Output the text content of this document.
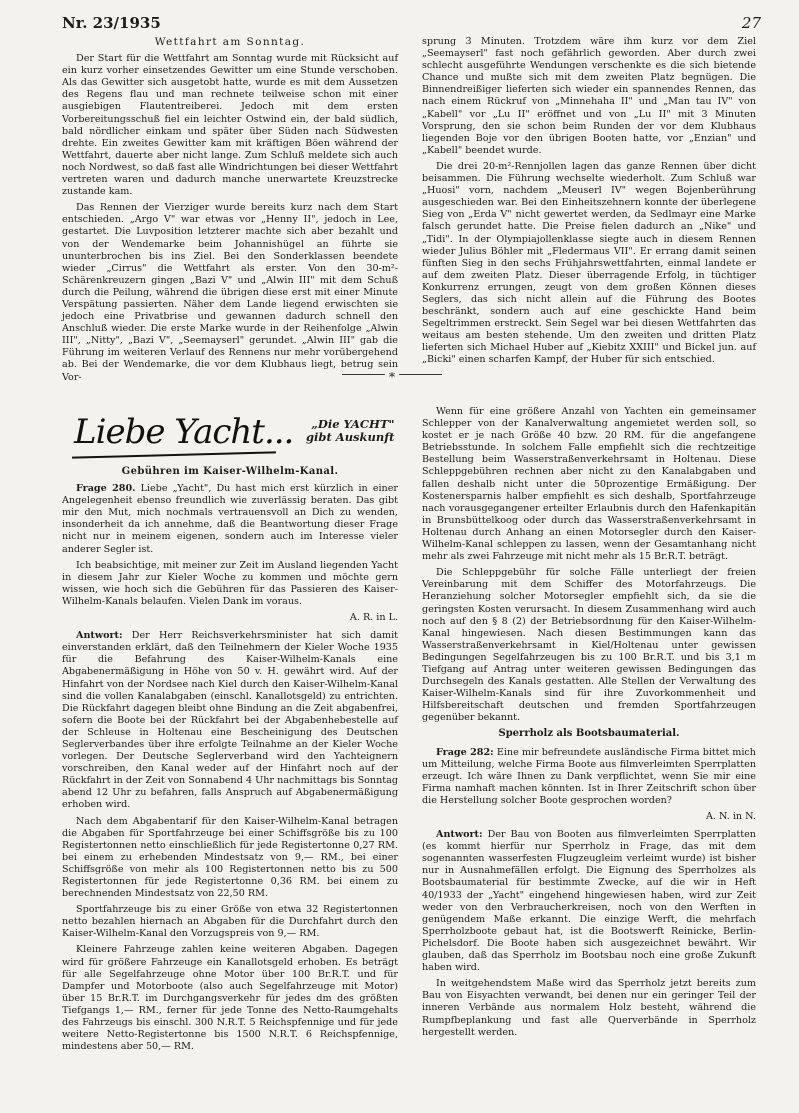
Nr. 23/1935	27
Wettfahrt am Sonntag.

Der Start für die Wettfahrt am Sonntag wurde mit Rücksicht auf ein kurz vorher einsetzendes Gewitter um eine Stunde verschoben. Als das Gewitter sich ausgetobt hatte, wurde es mit dem Aussetzen des Regens flau und man rechnete teilweise schon mit einer ausgiebigen Flautentreiberei. Jedoch mit dem ersten Vorbereitungsschuß fiel ein leichter Ostwind ein, der bald südlich, bald nördlicher einkam und später über Süden nach Südwesten drehte. Ein zweites Gewitter kam mit kräftigen Böen während der Wettfahrt, dauerte aber nicht lange. Zum Schluß meldete sich auch noch Nordwest, so daß fast alle Windrichtungen bei dieser Wettfahrt vertreten waren und dadurch manche unerwartete Kreuzstrecke zustande kam.

Das Rennen der Vierziger wurde bereits kurz nach dem Start entschieden. „Argo V" war etwas vor „Henny II", jedoch in Lee, gestartet. Die Luvposition letzterer machte sich aber bezahlt und von der Wendemarke beim Johannishügel an führte sie ununterbrochen bis ins Ziel. Bei den Sonderklassen beendete wieder „Cirrus" die Wettfahrt als erster. Von den 30-m²-Schärenkreuzern gingen „Bazi V" und „Alwin III" mit dem Schuß durch die Peilung, während die übrigen diese erst mit einer Minute Verspätung passierten. Näher dem Lande liegend erwischten sie jedoch eine Privatbrise und gewannen dadurch schnell den Anschluß wieder. Die erste Marke wurde in der Reihenfolge „Alwin III", „Nitty", „Bazi V", „Seemayserl" gerundet. „Alwin III" gab die Führung im weiteren Verlauf des Rennens nur mehr vorübergehend ab. Bei der Wendemarke, die vor dem Klubhaus liegt, betrug sein Vor-

sprung 3 Minuten. Trotzdem wäre ihm kurz vor dem Ziel „Seemayserl" fast noch gefährlich geworden. Aber durch zwei schlecht ausgeführte Wendungen verschenkte es die sich bietende Chance und mußte sich mit dem zweiten Platz begnügen. Die Binnendreißiger lieferten sich wieder ein spannendes Rennen, das nach einem Rückruf von „Minnehaha II" und „Man tau IV" von „Kabell" vor „Lu II" eröffnet und von „Lu II" mit 3 Minuten Vorsprung, den sie schon beim Runden der vor dem Klubhaus liegenden Boje vor den übrigen Booten hatte, vor „Enzian" und „Kabell" beendet wurde.

Die drei 20-m²-Rennjollen lagen das ganze Rennen über dicht beisammen. Die Führung wechselte wiederholt. Zum Schluß war „Huosi" vorn, nachdem „Meuserl IV" wegen Bojenberührung ausgeschieden war. Bei den Einheitszehnern konnte der überlegene Sieg von „Erda V" nicht gewertet werden, da Sedlmayr eine Marke falsch gerundet hatte. Die Preise fielen dadurch an „Nike" und „Tidi". In der Olympiajollenklasse siegte auch in diesem Rennen wieder Julius Böhler mit „Fledermaus VII". Er errang damit seinen fünften Sieg in den sechs Frühjahrswettfahrten, einmal landete er auf dem zweiten Platz. Dieser überragende Erfolg, in tüchtiger Konkurrenz errungen, zeugt von dem großen Können dieses Seglers, das sich nicht allein auf die Führung des Bootes beschränkt, sondern auch auf eine geschickte Hand beim Segeltrimmen erstreckt. Sein Segel war bei diesen Wettfahrten das weitaus am besten stehende. Um den zweiten und dritten Platz lieferten sich Michael Huber auf „Kiebitz XXIII" und Bickel jun. auf „Bicki" einen scharfen Kampf, der Huber für sich entschied.

*
Liebe Yacht...	„Die YACHT"
gibt Auskunft
Gebühren im Kaiser-Wilhelm-Kanal.

Frage 280. Liebe „Yacht", Du hast mich erst kürzlich in einer Angelegenheit ebenso freundlich wie zuverlässig beraten. Das gibt mir den Mut, mich nochmals vertrauensvoll an Dich zu wenden, insonderheit da ich annehme, daß die Beantwortung dieser Frage nicht nur in meinem eigenen, sondern auch im Interesse vieler anderer Segler ist.

Ich beabsichtige, mit meiner zur Zeit im Ausland liegenden Yacht in diesem Jahr zur Kieler Woche zu kommen und möchte gern wissen, wie hoch sich die Gebühren für das Passieren des Kaiser-Wilhelm-Kanals belaufen. Vielen Dank im voraus.

A. R. in L.

Antwort: Der Herr Reichsverkehrsminister hat sich damit einverstanden erklärt, daß den Teilnehmern der Kieler Woche 1935 für die Befahrung des Kaiser-Wilhelm-Kanals eine Abgabenermäßigung in Höhe von 50 v. H. gewährt wird. Auf der Hinfahrt von der Nordsee nach Kiel durch den Kaiser-Wilhelm-Kanal sind die vollen Kanalabgaben (einschl. Kanallotsgeld) zu entrichten. Die Rückfahrt dagegen bleibt ohne Bindung an die Zeit abgabenfrei, sofern die Boote bei der Rückfahrt bei der Abgabenhebestelle auf der Schleuse in Holtenau eine Bescheinigung des Deutschen Seglerverbandes über ihre erfolgte Teilnahme an der Kieler Woche vorlegen. Der Deutsche Seglerverband wird den Yachteignern vorschreiben, den Kanal weder auf der Hinfahrt noch auf der Rückfahrt in der Zeit von Sonnabend 4 Uhr nachmittags bis Sonntag abend 12 Uhr zu befahren, falls Anspruch auf Abgabenermäßigung erhoben wird.

Nach dem Abgabentarif für den Kaiser-Wilhelm-Kanal betragen die Abgaben für Sportfahrzeuge bei einer Schiffsgröße bis zu 100 Registertonnen netto einschließlich für jede Registertonne 0,27 RM. bei einem zu erhebenden Mindestsatz von 9,— RM., bei einer Schiffsgröße von mehr als 100 Registertonnen netto bis zu 500 Registertonnen für jede Registertonne 0,36 RM. bei einem zu berechnenden Mindestsatz von 22,50 RM.

Sportfahrzeuge bis zu einer Größe von etwa 32 Registertonnen netto bezahlen hiernach an Abgaben für die Durchfahrt durch den Kaiser-Wilhelm-Kanal den Vorzugspreis von 9,— RM.

Kleinere Fahrzeuge zahlen keine weiteren Abgaben. Dagegen wird für größere Fahrzeuge ein Kanallotsgeld erhoben. Es beträgt für alle Segelfahrzeuge ohne Motor über 100 Br.R.T. und für Dampfer und Motorboote (also auch Segelfahrzeuge mit Motor) über 15 Br.R.T. im Durchgangsverkehr für jedes dm des größten Tiefgangs 1,— RM., ferner für jede Tonne des Netto-Raumgehalts des Fahrzeugs bis einschl. 300 N.R.T. 5 Reichspfennige und für jede weitere Netto-Registertonne bis 1500 N.R.T. 6 Reichspfennige, mindestens aber 50,— RM.

Wenn für eine größere Anzahl von Yachten ein gemeinsamer Schlepper von der Kanalverwaltung angemietet werden soll, so kostet er je nach Größe 40 bzw. 20 RM. für die angefangene Betriebsstunde. In solchem Falle empfiehlt sich die rechtzeitige Bestellung beim Wasserstraßenverkehrsamt in Holtenau. Diese Schleppgebühren rechnen aber nicht zu den Kanalabgaben und fallen deshalb nicht unter die 50prozentige Ermäßigung. Der Kostenersparnis halber empfiehlt es sich deshalb, Sportfahrzeuge nach vorausgegangener erteilter Erlaubnis durch den Hafenkapitän in Brunsbüttelkoog oder durch das Wasserstraßenverkehrsamt in Holtenau durch Anhang an einen Motorsegler durch den Kaiser-Wilhelm-Kanal schleppen zu lassen, wenn der Gesamtanhang nicht mehr als zwei Fahrzeuge mit nicht mehr als 15 Br.R.T. beträgt.

Die Schleppgebühr für solche Fälle unterliegt der freien Vereinbarung mit dem Schiffer des Motorfahrzeugs. Die Heranziehung solcher Motorsegler empfiehlt sich, da sie die geringsten Kosten verursacht. In diesem Zusammenhang wird auch noch auf den § 8 (2) der Betriebsordnung für den Kaiser-Wilhelm-Kanal hingewiesen. Nach diesen Bestimmungen kann das Wasserstraßenverkehrsamt in Kiel/Holtenau unter gewissen Bedingungen Segelfahrzeugen bis zu 100 Br.R.T. und bis 3,1 m Tiefgang auf Antrag unter weiteren gewissen Bedingungen das Durchsegeln des Kanals gestatten. Alle Stellen der Verwaltung des Kaiser-Wilhelm-Kanals sind für ihre Zuvorkommenheit und Hilfsbereitschaft deutschen und fremden Sportfahrzeugen gegenüber bekannt.

Sperrholz als Bootsbaumaterial.

Frage 282: Eine mir befreundete ausländische Firma bittet mich um Mitteilung, welche Firma Boote aus filmverleimten Sperrplatten erzeugt. Ich wäre Ihnen zu Dank verpflichtet, wenn Sie mir eine Firma namhaft machen könnten. Ist in Ihrer Zeitschrift schon über die Herstellung solcher Boote gesprochen worden?

A. N. in N.

Antwort: Der Bau von Booten aus filmverleimten Sperrplatten (es kommt hierfür nur Sperrholz in Frage, das mit dem sogenannten wasserfesten Flugzeugleim verleimt wurde) ist bisher nur in Ausnahmefällen erfolgt. Die Eignung des Sperrholzes als Bootsbaumaterial für bestimmte Zwecke, auf die wir in Heft 40/1933 der „Yacht" eingehend hingewiesen haben, wird zur Zeit weder von den Verbraucherkreisen, noch von den Werften in genügendem Maße erkannt. Die einzige Werft, die mehrfach Sperrholzboote gebaut hat, ist die Bootswerft Reinicke, Berlin-Pichelsdorf. Die Boote haben sich ausgezeichnet bewährt. Wir glauben, daß das Sperrholz im Bootsbau noch eine große Zukunft haben wird.

In weitgehendstem Maße wird das Sperrholz jetzt bereits zum Bau von Eisyachten verwandt, bei denen nur ein geringer Teil der inneren Verbände aus normalem Holz besteht, während die Rumpfbeplankung und fast alle Querverbände in Sperrholz hergestellt werden.
